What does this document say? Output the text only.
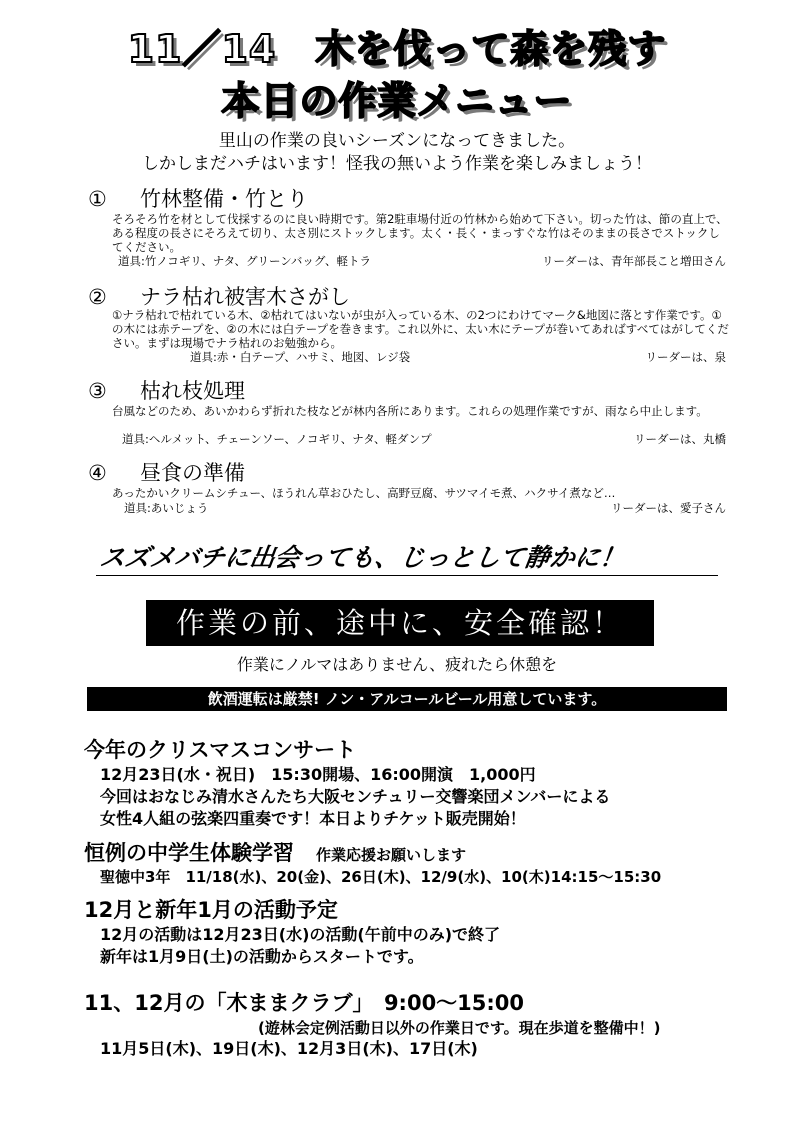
11／14　木を伐って森を残す
本日の作業メニュー
里山の作業の良いシーズンになってきました。
しかしまだハチはいます！怪我の無いよう作業を楽しみましょう！
① 竹林整備・竹とり
そろそろ竹を材として伐採するのに良い時期です。第2駐車場付近の竹林から始めて下さい。切った竹は、節の直上で、ある程度の長さにそろえて切り、太さ別にストックします。太く・長く・まっすぐな竹はそのままの長さでストックしてください。
道具:竹ノコギリ、ナタ、グリーンバッグ、軽トラ	リーダーは、青年部長こと増田さん
② ナラ枯れ被害木さがし
①ナラ枯れで枯れている木、②枯れてはいないが虫が入っている木、の2つにわけてマーク&地図に落とす作業です。①の木には赤テープを、②の木には白テープを巻きます。これ以外に、太い木にテープが巻いてあればすべてはがしてください。まずは現場でナラ枯れのお勉強から。
道具:赤・白テープ、ハサミ、地図、レジ袋	リーダーは、泉
③ 枯れ枝処理
台風などのため、あいかわらず折れた枝などが林内各所にあります。これらの処理作業ですが、雨なら中止します。
道具:ヘルメット、チェーンソー、ノコギリ、ナタ、軽ダンプ	リーダーは、丸橋
④ 昼食の準備
あったかいクリームシチュー、ほうれん草おひたし、高野豆腐、サツマイモ煮、ハクサイ煮など…
道具:あいじょう	リーダーは、愛子さん
スズメバチに出会っても、じっとして静かに！
作業の前、途中に、安全確認！
作業にノルマはありません、疲れたら休憩を
飲酒運転は厳禁! ノン・アルコールビール用意しています。
今年のクリスマスコンサート
12月23日(水・祝日)　15:30開場、16:00開演　1,000円
今回はおなじみ清水さんたち大阪センチュリー交響楽団メンバーによる
女性4人組の弦楽四重奏です！本日よりチケット販売開始！
恒例の中学生体験学習 作業応援お願いします
聖徳中3年　11/18(水)、20(金)、26日(木)、12/9(水)、10(木)14:15～15:30
12月と新年1月の活動予定
12月の活動は12月23日(水)の活動(午前中のみ)で終了
新年は1月9日(土)の活動からスタートです。
11、12月の「木ままクラブ」　9:00～15:00
(遊林会定例活動日以外の作業日です。現在歩道を整備中！)
11月5日(木)、19日(木)、12月3日(木)、17日(木)
